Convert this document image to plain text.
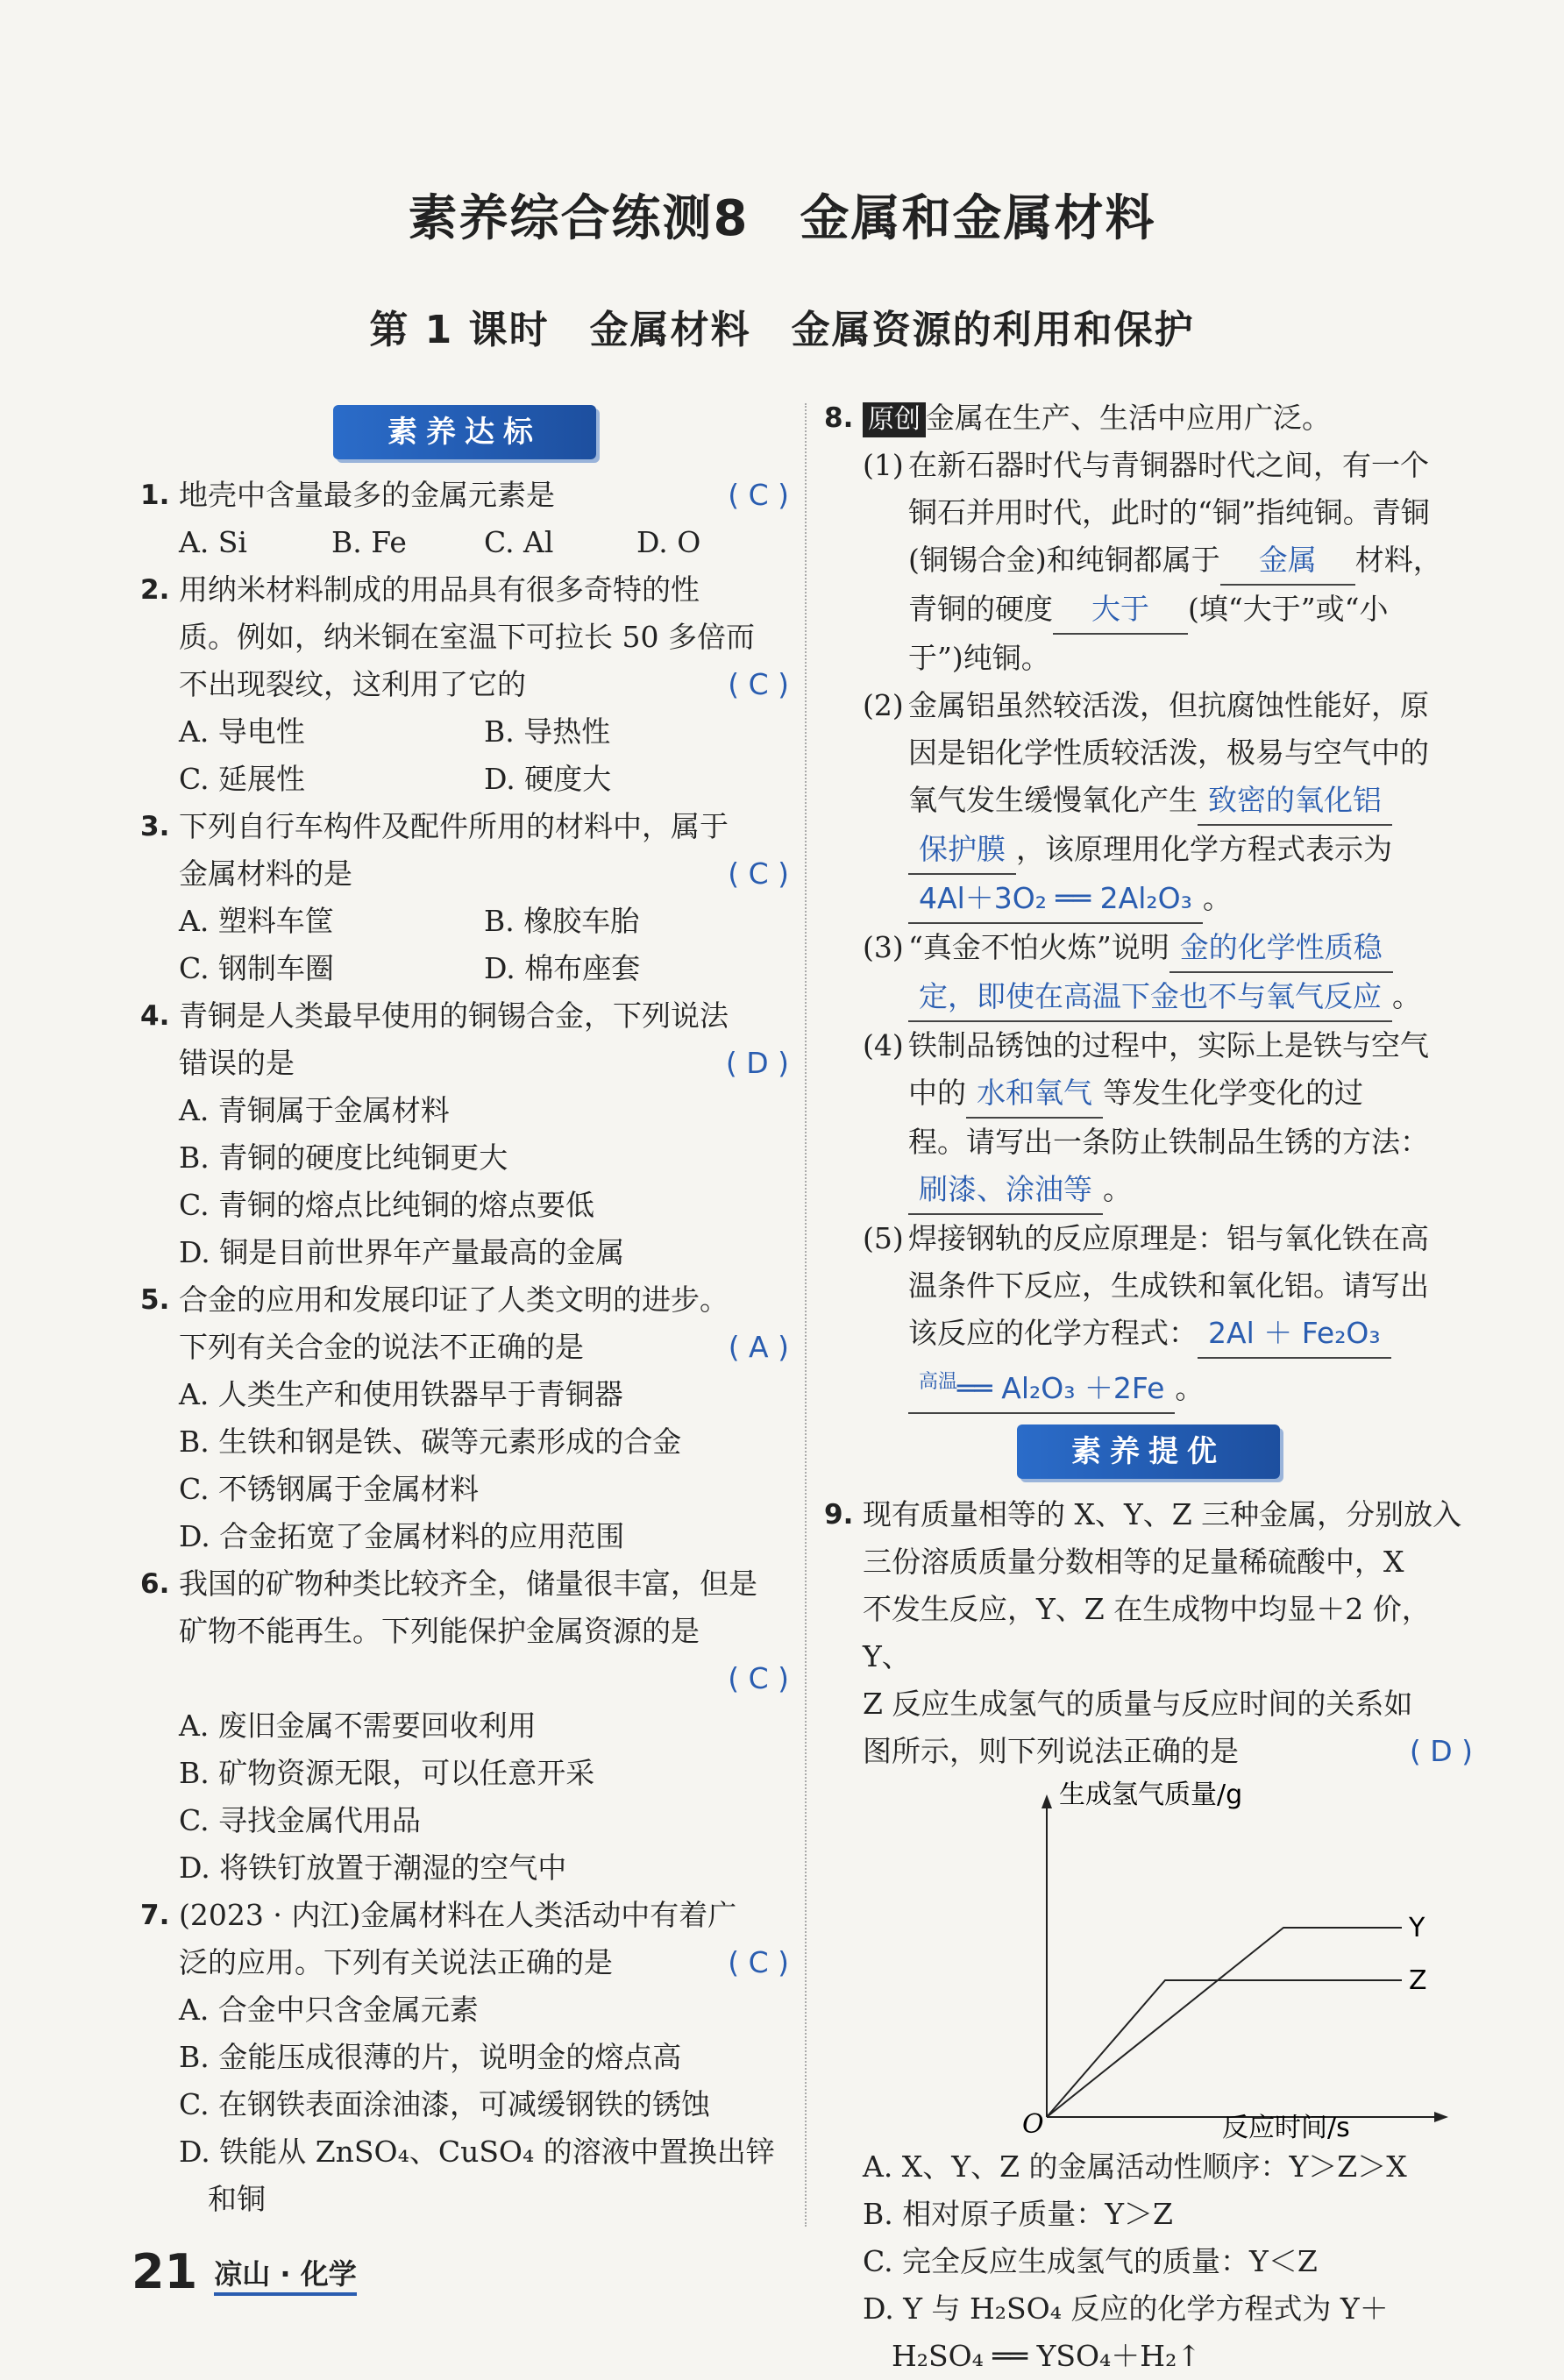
素养综合练测8　金属和金属材料
第 1 课时　金属材料　金属资源的利用和保护
素养达标
1. 地壳中含量最多的金属元素是	( C )
A. Si	B. Fe	C. Al	D. O
2. 用纳米材料制成的用品具有很多奇特的性
质。例如，纳米铜在室温下可拉长 50 多倍而
不出现裂纹，这利用了它的	( C )
A. 导电性	B. 导热性
C. 延展性	D. 硬度大
3. 下列自行车构件及配件所用的材料中，属于
金属材料的是	( C )
A. 塑料车筐	B. 橡胶车胎
C. 钢制车圈	D. 棉布座套
4. 青铜是人类最早使用的铜锡合金，下列说法
错误的是	( D )
A. 青铜属于金属材料
B. 青铜的硬度比纯铜更大
C. 青铜的熔点比纯铜的熔点要低
D. 铜是目前世界年产量最高的金属
5. 合金的应用和发展印证了人类文明的进步。
下列有关合金的说法不正确的是	( A )
A. 人类生产和使用铁器早于青铜器
B. 生铁和钢是铁、碳等元素形成的合金
C. 不锈钢属于金属材料
D. 合金拓宽了金属材料的应用范围
6. 我国的矿物种类比较齐全，储量很丰富，但是
矿物不能再生。下列能保护金属资源的是
( C )
A. 废旧金属不需要回收利用
B. 矿物资源无限，可以任意开采
C. 寻找金属代用品
D. 将铁钉放置于潮湿的空气中
7. (2023 · 内江)金属材料在人类活动中有着广
泛的应用。下列有关说法正确的是	( C )
A. 合金中只含金属元素
B. 金能压成很薄的片，说明金的熔点高
C. 在钢铁表面涂油漆，可减缓钢铁的锈蚀
D. 铁能从 ZnSO₄、CuSO₄ 的溶液中置换出锌
　和铜
8. 原创 金属在生产、生活中应用广泛。
(1) 在新石器时代与青铜器时代之间，有一个
铜石并用时代，此时的“铜”指纯铜。青铜
(铜锡合金)和纯铜都属于 金属 材料，
青铜的硬度 大于 (填“大于”或“小
于”)纯铜。
(2) 金属铝虽然较活泼，但抗腐蚀性能好，原
因是铝化学性质较活泼，极易与空气中的
氧气发生缓慢氧化产生 致密的氧化铝
保护膜 ，该原理用化学方程式表示为
4Al＋3O₂ ══ 2Al₂O₃ 。
(3) “真金不怕火炼”说明 金的化学性质稳
定，即使在高温下金也不与氧气反应 。
(4) 铁制品锈蚀的过程中，实际上是铁与空气
中的 水和氧气 等发生化学变化的过
程。请写出一条防止铁制品生锈的方法：
刷漆、涂油等 。
(5) 焊接钢轨的反应原理是：铝与氧化铁在高
温条件下反应，生成铁和氧化铝。请写出
该反应的化学方程式： 2Al ＋ Fe₂O₃
$^{高温}$══ Al₂O₃ ＋2Fe 。
素养提优
9. 现有质量相等的 X、Y、Z 三种金属，分别放入
三份溶质质量分数相等的足量稀硫酸中，X
不发生反应，Y、Z 在生成物中均显＋2 价，Y、
Z 反应生成氢气的质量与反应时间的关系如
图所示，则下列说法正确的是	( D )
生成氢气质量/g
反应时间/s
O
Y
Z
A. X、Y、Z 的金属活动性顺序：Y＞Z＞X
B. 相对原子质量：Y＞Z
C. 完全反应生成氢气的质量：Y＜Z
D. Y 与 H₂SO₄ 反应的化学方程式为 Y＋
　H₂SO₄ ══ YSO₄＋H₂↑
21 凉山 · 化学
